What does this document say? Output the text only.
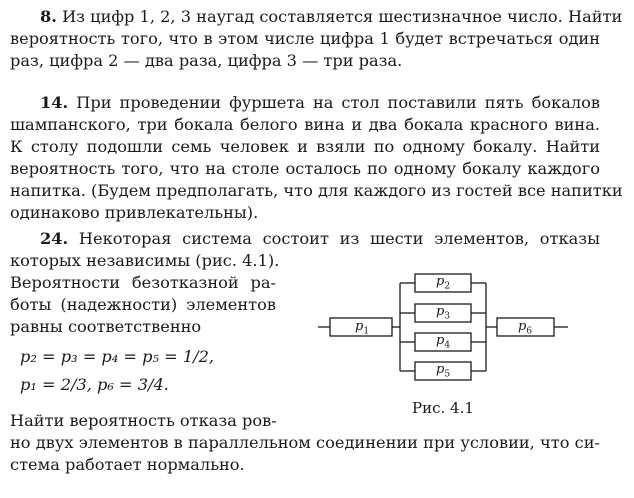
8. Из цифр 1, 2, 3 наугад составляется шестизначное число. Найти
вероятность того, что в этом числе цифра 1 будет встречаться один
раз, цифра 2 — два раза, цифра 3 — три раза.
14. При проведении фуршета на стол поставили пять бокалов
шампанского, три бокала белого вина и два бокала красного вина.
К столу подошли семь человек и взяли по одному бокалу. Найти
вероятность того, что на столе осталось по одному бокалу каждого
напитка. (Будем предполагать, что для каждого из гостей все напитки
одинаково привлекательны).
24. Некоторая система состоит из шести элементов, отказы
которых независимы (рис. 4.1).
Вероятности безотказной ра-
боты (надежности) элементов
равны соответственно
p₂ = p₃ = p₄ = p₅ = 1/2,
p₁ = 2/3, p₆ = 3/4.
Найти вероятность отказа ров-
но двух элементов в параллельном соединении при условии, что си-
стема работает нормально.
$p_1$
$p_2$
$p_3$
$p_4$
$p_5$
$p_6$
Рис. 4.1
